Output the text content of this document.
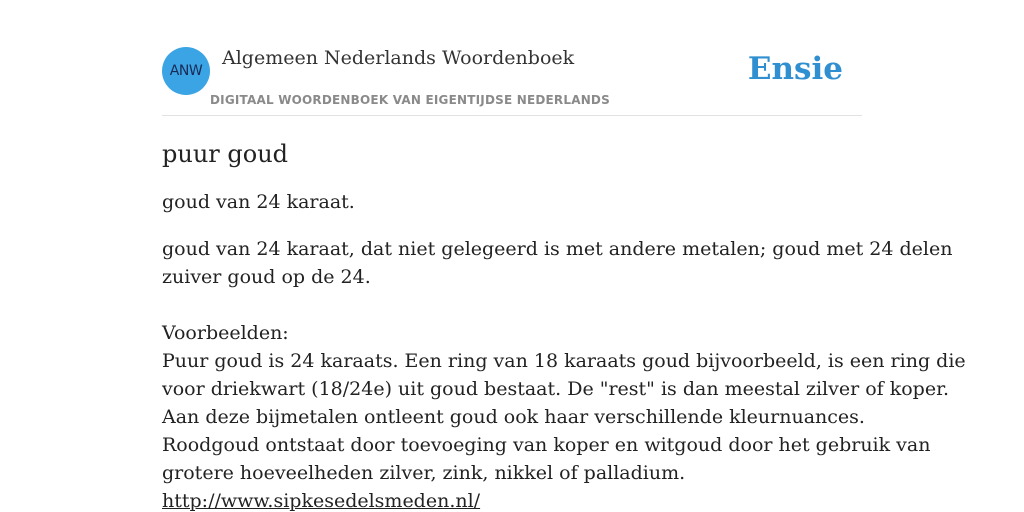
ANW
Algemeen Nederlands Woordenboek
DIGITAAL WOORDENBOEK VAN EIGENTIJDSE NEDERLANDS
Ensie
puur goud

goud van 24 karaat.

goud van 24 karaat, dat niet gelegeerd is met andere metalen; goud met 24 delen
zuiver goud op de 24.

Voorbeelden:
Puur goud is 24 karaats. Een ring van 18 karaats goud bijvoorbeeld, is een ring die
voor driekwart (18/24e) uit goud bestaat. De "rest" is dan meestal zilver of koper.
Aan deze bijmetalen ontleent goud ook haar verschillende kleurnuances.
Roodgoud ontstaat door toevoeging van koper en witgoud door het gebruik van
grotere hoeveelheden zilver, zink, nikkel of palladium.
http://www.sipkesedelsmeden.nl/
